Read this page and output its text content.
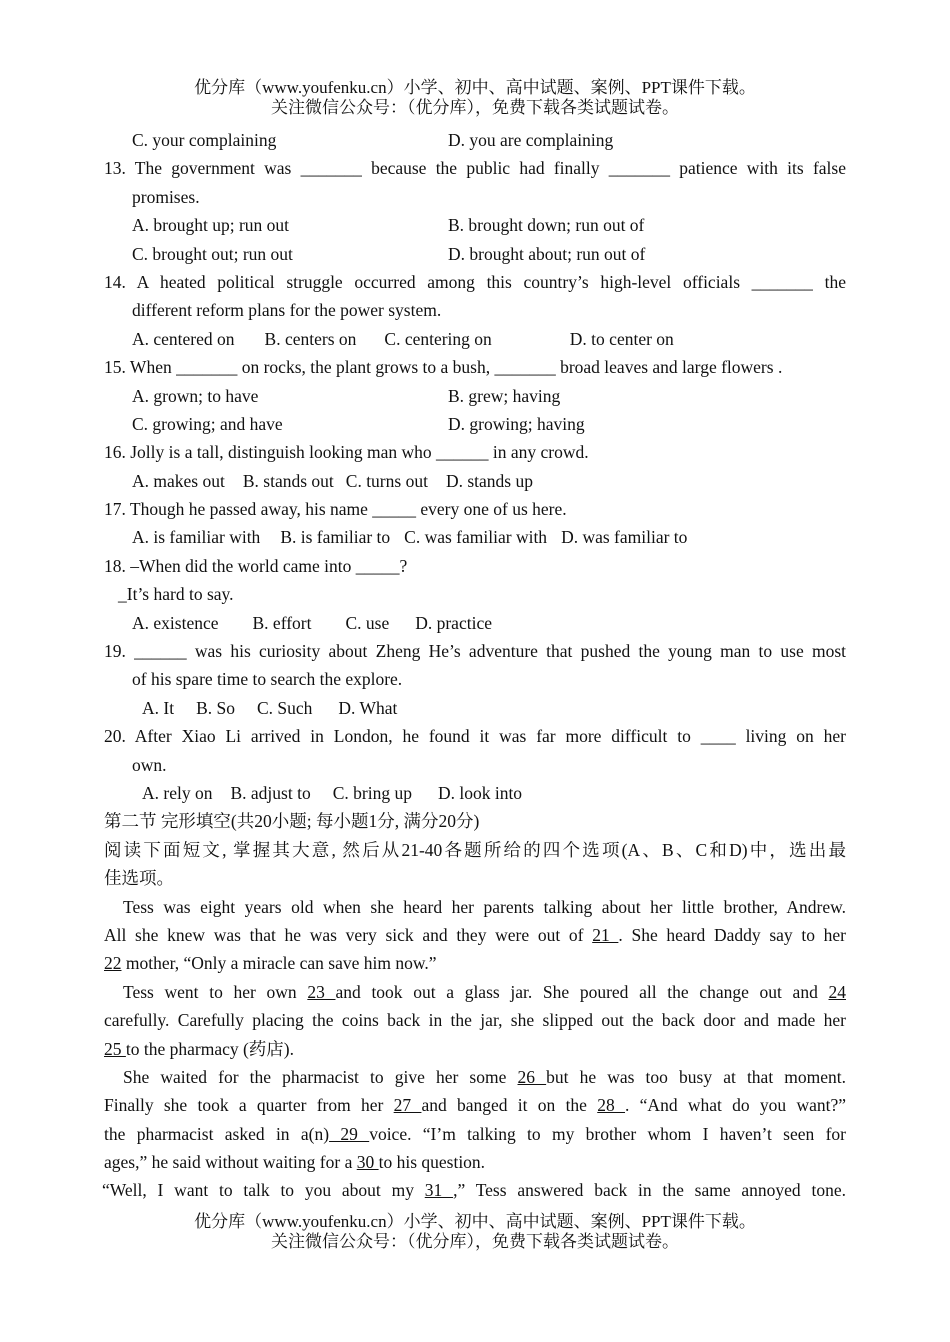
优分库（www.youfenku.cn）小学、初中、高中试题、案例、PPT课件下载。
关注微信公众号：（优分库），免费下载各类试题试卷。
C. your complaining	D. you are complaining
13. The government was _______ because the public had finally _______ patience with its false
promises.
A. brought up; run out	B. brought down; run out of
C. brought out; run out	D. brought about; run out of
14. A heated political struggle occurred among this country’s high-level officials _______ the
different reform plans for the power system.
A. centered on B. centers on C. centering on	D. to center on
15. When _______ on rocks, the plant grows to a bush, _______ broad leaves and large flowers .
A. grown; to have	B. grew; having
C. growing; and have	D. growing; having
16. Jolly is a tall, distinguish looking man who ______ in any crowd.
A. makes out B. stands out C. turns out D. stands up
17. Though he passed away, his name _____ every one of us here.
A. is familiar with B. is familiar to C. was familiar with D. was familiar to
18. –When did the world came into _____?
_It’s hard to say.
A. existence B. effort C. use D. practice
19. ______ was his curiosity about Zheng He’s adventure that pushed the young man to use most
of his spare time to search the explore.
A. It B. So C. Such D. What
20. After Xiao Li arrived in London, he found it was far more difficult to ____ living on her
own.
A. rely on B. adjust to C. bring up D. look into
第二节 完形填空(共20小题; 每小题1分, 满分20分)
阅读下面短文, 掌握其大意, 然后从21-40各题所给的四个选项(A、B、C和D)中，选出最
佳选项。
Tess was eight years old when she heard her parents talking about her little brother, Andrew.
All she knew was that he was very sick and they were out of 21 . She heard Daddy say to her
22 mother, “Only a miracle can save him now.”
Tess went to her own 23 and took out a glass jar. She poured all the change out and 24
carefully. Carefully placing the coins back in the jar, she slipped out the back door and made her
25 to the pharmacy (药店).
She waited for the pharmacist to give her some 26 but he was too busy at that moment.
Finally she took a quarter from her 27 and banged it on the 28 . “And what do you want?”
the pharmacist asked in a(n) 29 voice. “I’m talking to my brother whom I haven’t seen for
ages,” he said without waiting for a 30 to his question.
“Well, I want to talk to you about my 31 ,” Tess answered back in the same annoyed tone.
优分库（www.youfenku.cn）小学、初中、高中试题、案例、PPT课件下载。
关注微信公众号：（优分库），免费下载各类试题试卷。
